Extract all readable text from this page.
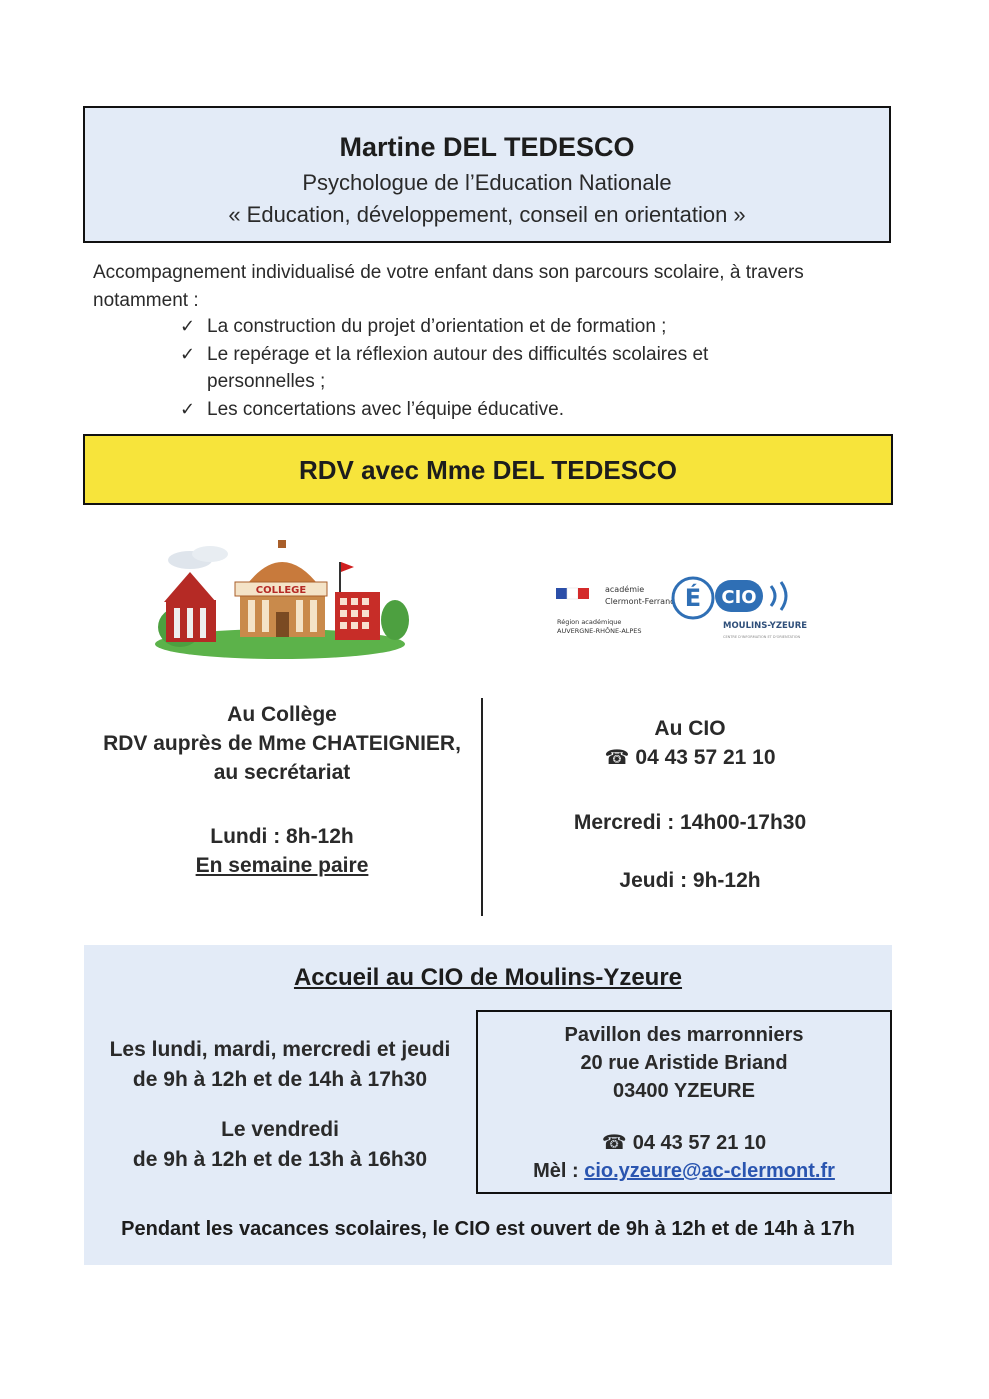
Martine DEL TEDESCO
Psychologue de l’Education Nationale
« Education, développement, conseil en orientation »
Accompagnement individualisé de votre enfant dans son parcours scolaire, à travers notamment :
✓ La construction du projet d’orientation et de formation ;
✓ Le repérage et la réflexion autour des difficultés scolaires et personnelles ;
✓ Les concertations avec l’équipe éducative.
RDV avec Mme DEL TEDESCO
COLLEGE	académie
Clermont-Ferrand
Région académique
AUVERGNE-RHÔNE-ALPES
É CIO
MOULINS-YZEURE
CENTRE D'INFORMATION ET D'ORIENTATION
Au Collège
RDV auprès de Mme CHATEIGNIER,
au secrétariat
Lundi : 8h-12h
En semaine paire
Au CIO
☎ 04 43 57 21 10
Mercredi : 14h00-17h30
Jeudi : 9h-12h
Accueil au CIO de Moulins-Yzeure
Les lundi, mardi, mercredi et jeudi
de 9h à 12h et de 14h à 17h30
Le vendredi
de 9h à 12h et de 13h à 16h30
Pavillon des marronniers
20 rue Aristide Briand
03400 YZEURE
☎ 04 43 57 21 10
Mèl : cio.yzeure@ac-clermont.fr
Pendant les vacances scolaires, le CIO est ouvert de 9h à 12h et de 14h à 17h
